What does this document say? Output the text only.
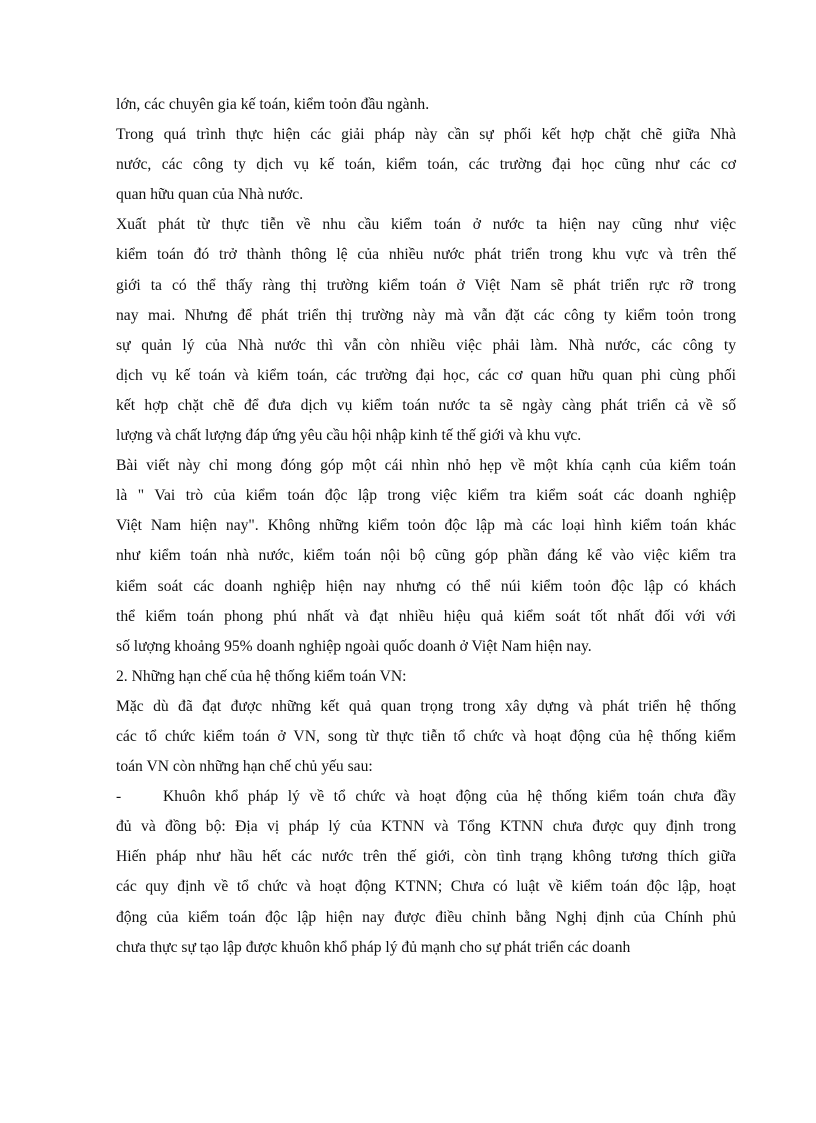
lớn, các chuyên gia kế toán, kiểm toỏn đầu ngành.
Trong quá trình thực hiện các giải pháp này cần sự phối kết hợp chặt chẽ giữa Nhà
nước, các công ty dịch vụ kế toán, kiểm toán, các trường đại học cũng như các cơ
quan hữu quan của Nhà nước.
Xuất phát từ thực tiễn về nhu cầu kiểm toán ở nước ta hiện nay cũng như việc
kiểm toán đó trở thành thông lệ của nhiều nước phát triển trong khu vực và trên thế
giới ta có thể thấy ràng thị trường kiểm toán ở Việt Nam sẽ phát triển rực rỡ trong
nay mai. Nhưng để phát triển thị trường này mà vẫn đặt các công ty kiểm toỏn trong
sự quản lý của Nhà nước thì vẫn còn nhiều việc phải làm. Nhà nước, các công ty
dịch vụ kế toán và kiểm toán, các trường đại học, các cơ quan hữu quan phi cùng phối
kết hợp chặt chẽ để đưa dịch vụ kiểm toán nước ta sẽ ngày càng phát triển cả về số
lượng và chất lượng đáp ứng yêu cầu hội nhập kinh tế thế giới và khu vực.
Bài viết này chỉ mong đóng góp một cái nhìn nhỏ hẹp về một khía cạnh của kiểm toán
là " Vai trò của kiểm toán độc lập trong việc kiểm tra kiểm soát các doanh nghiệp
Việt Nam hiện nay". Không những kiểm toỏn độc lập mà các loại hình kiểm toán khác
như kiểm toán nhà nước, kiểm toán nội bộ cũng góp phần đáng kể vào việc kiểm tra
kiểm soát các doanh nghiệp hiện nay nhưng có thể núi kiểm toỏn độc lập có khách
thể kiểm toán phong phú nhất và đạt nhiều hiệu quả kiểm soát tốt nhất đối với với
số lượng khoảng 95% doanh nghiệp ngoài quốc doanh ở Việt Nam hiện nay.
2. Những hạn chế của hệ thống kiểm toán VN:
Mặc dù đã đạt được những kết quả quan trọng trong xây dựng và phát triển hệ thống
các tổ chức kiểm toán ở VN, song từ thực tiễn tổ chức và hoạt động của hệ thống kiểm
toán VN còn những hạn chế chủ yếu sau:
-	Khuôn khổ pháp lý về tổ chức và hoạt động của hệ thống kiểm toán chưa đầy
đủ và đồng bộ: Địa vị pháp lý của KTNN và Tổng KTNN chưa được quy định trong
Hiến pháp như hầu hết các nước trên thế giới, còn tình trạng không tương thích giữa
các quy định về tổ chức và hoạt động KTNN; Chưa có luật về kiểm toán độc lập, hoạt
động của kiểm toán độc lập hiện nay được điều chỉnh bằng Nghị định của Chính phủ
chưa thực sự tạo lập được khuôn khổ pháp lý đủ mạnh cho sự phát triển các doanh
